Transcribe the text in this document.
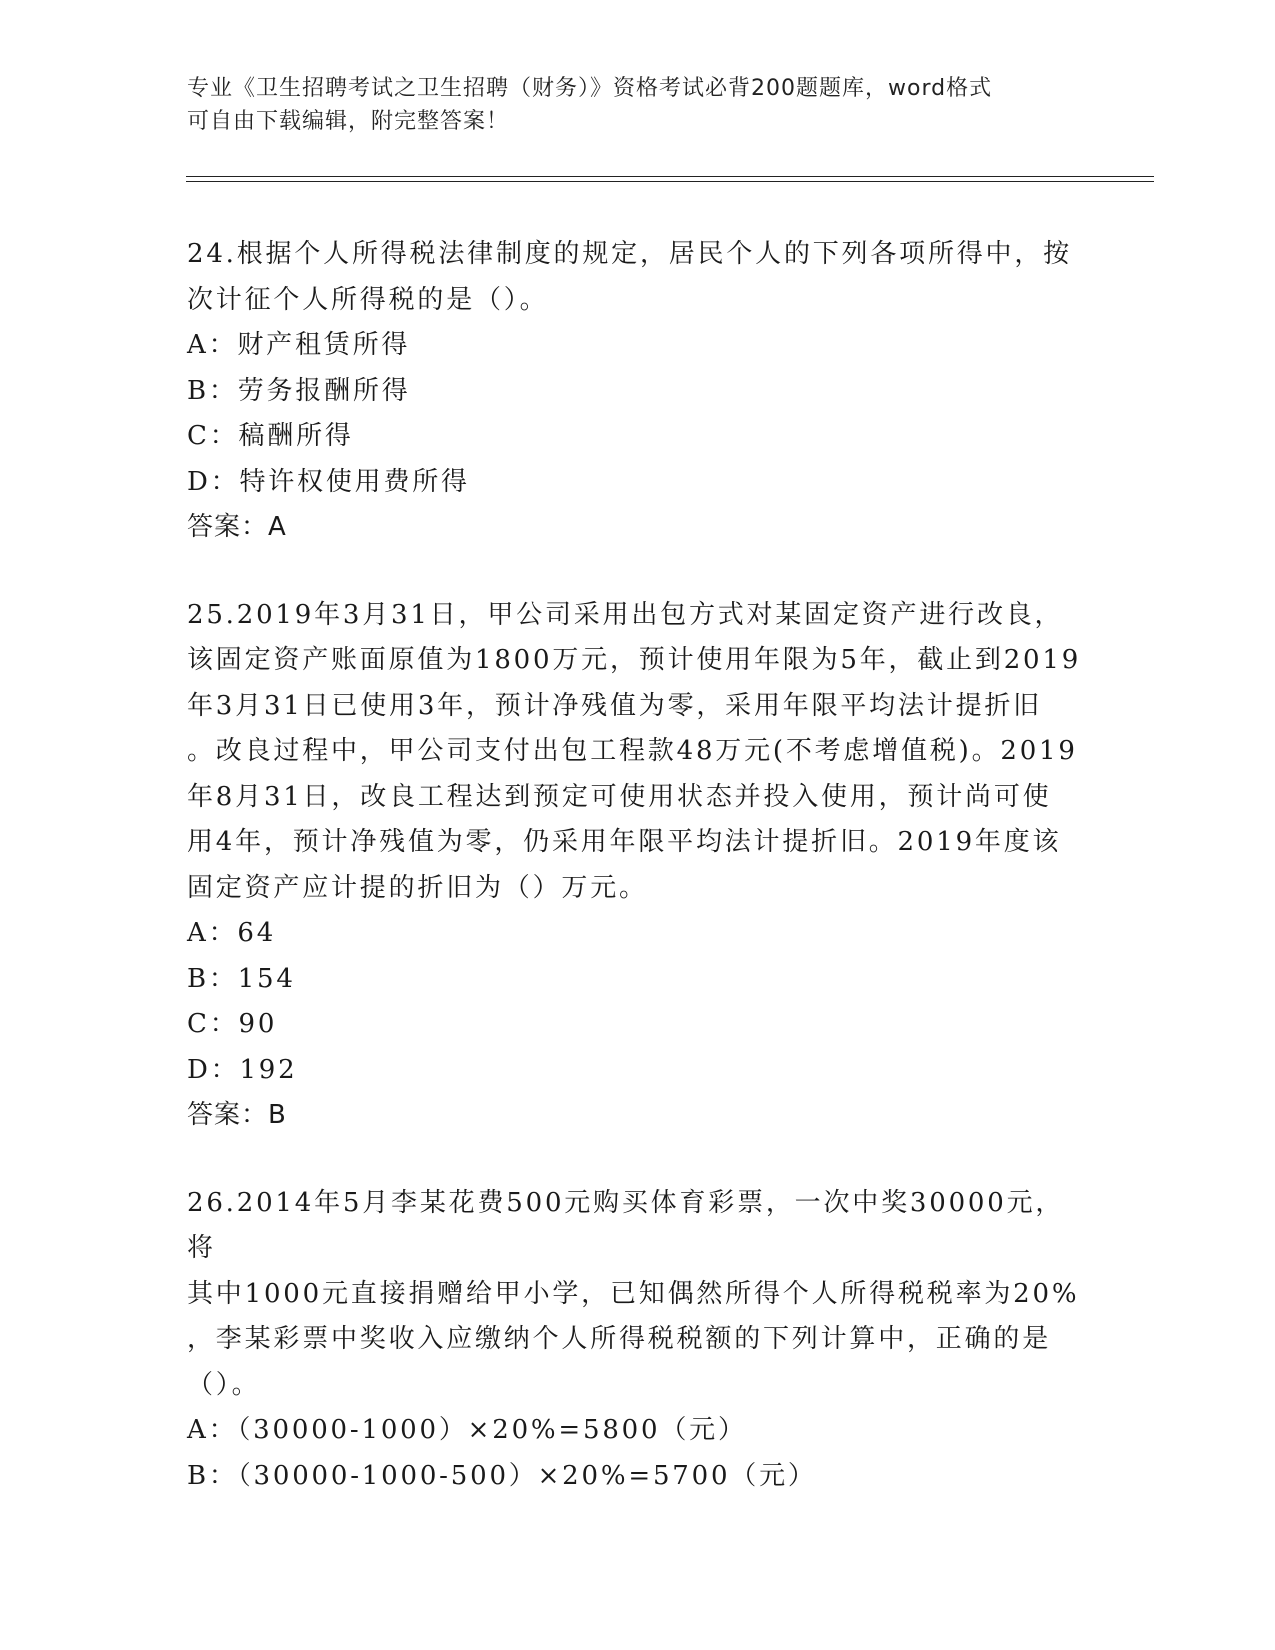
专业《卫生招聘考试之卫生招聘（财务）》资格考试必背200题题库，word格式
可自由下载编辑，附完整答案！

24.根据个人所得税法律制度的规定，居民个人的下列各项所得中，按

次计征个人所得税的是（）。

A：财产租赁所得

B：劳务报酬所得

C：稿酬所得

D：特许权使用费所得

答案：A

25.2019年3月31日，甲公司采用出包方式对某固定资产进行改良，

该固定资产账面原值为1800万元，预计使用年限为5年，截止到2019

年3月31日已使用3年，预计净残值为零，采用年限平均法计提折旧

。改良过程中，甲公司支付出包工程款48万元(不考虑增值税)。2019

年8月31日，改良工程达到预定可使用状态并投入使用，预计尚可使

用4年，预计净残值为零，仍采用年限平均法计提折旧。2019年度该

固定资产应计提的折旧为（）万元。

A：64

B：154

C：90

D：192

答案：B

26.2014年5月李某花费500元购买体育彩票，一次中奖30000元，将

其中1000元直接捐赠给甲小学，已知偶然所得个人所得税税率为20%

，李某彩票中奖收入应缴纳个人所得税税额的下列计算中，正确的是

（）。

A：（30000-1000）×20%=5800（元）

B：（30000-1000-500）×20%=5700（元）
